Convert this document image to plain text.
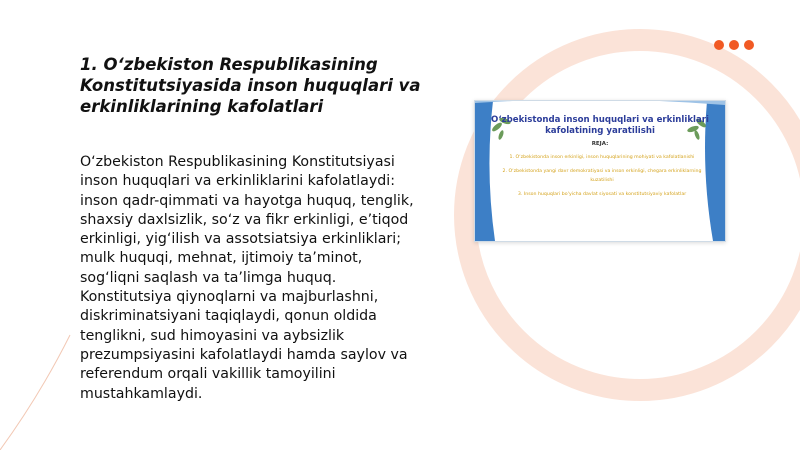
1. O‘zbekiston Respublikasining Konstitutsiyasida inson huquqlari va erkinliklarining kafolatlari

O‘zbekiston Respublikasining Konstitutsiyasi inson huquqlari va erkinliklarini kafolatlaydi: inson qadr-qimmati va hayotga huquq, tenglik, shaxsiy daxlsizlik, so‘z va fikr erkinligi, e’tiqod erkinligi, yig‘ilish va assotsiatsiya erkinliklari; mulk huquqi, mehnat, ijtimoiy ta’minot, sog‘liqni saqlash va ta’limga huquq. Konstitutsiya qiynoqlarni va majburlashni, diskriminatsiyani taqiqlaydi, qonun oldida tenglikni, sud himoyasini va aybsizlik prezumpsiyasini kafolatlaydi hamda saylov va referendum orqali vakillik tamoyilini mustahkamlaydi.

O‘zbekistonda inson huquqlari va erkinliklari kafolatining yaratilishi
REJA:
1. O‘zbekistonda inson erkinligi, inson huquqlarining mohiyati va kafolatlanishi
2. O‘zbekistonda yangi davr demokratiyasi va inson erkinligi, chegara erkinliklarning kuzatilishi
3. Inson huquqlari bo‘yicha davlat siyosati va konstitutsiyaviy kafolatlar
